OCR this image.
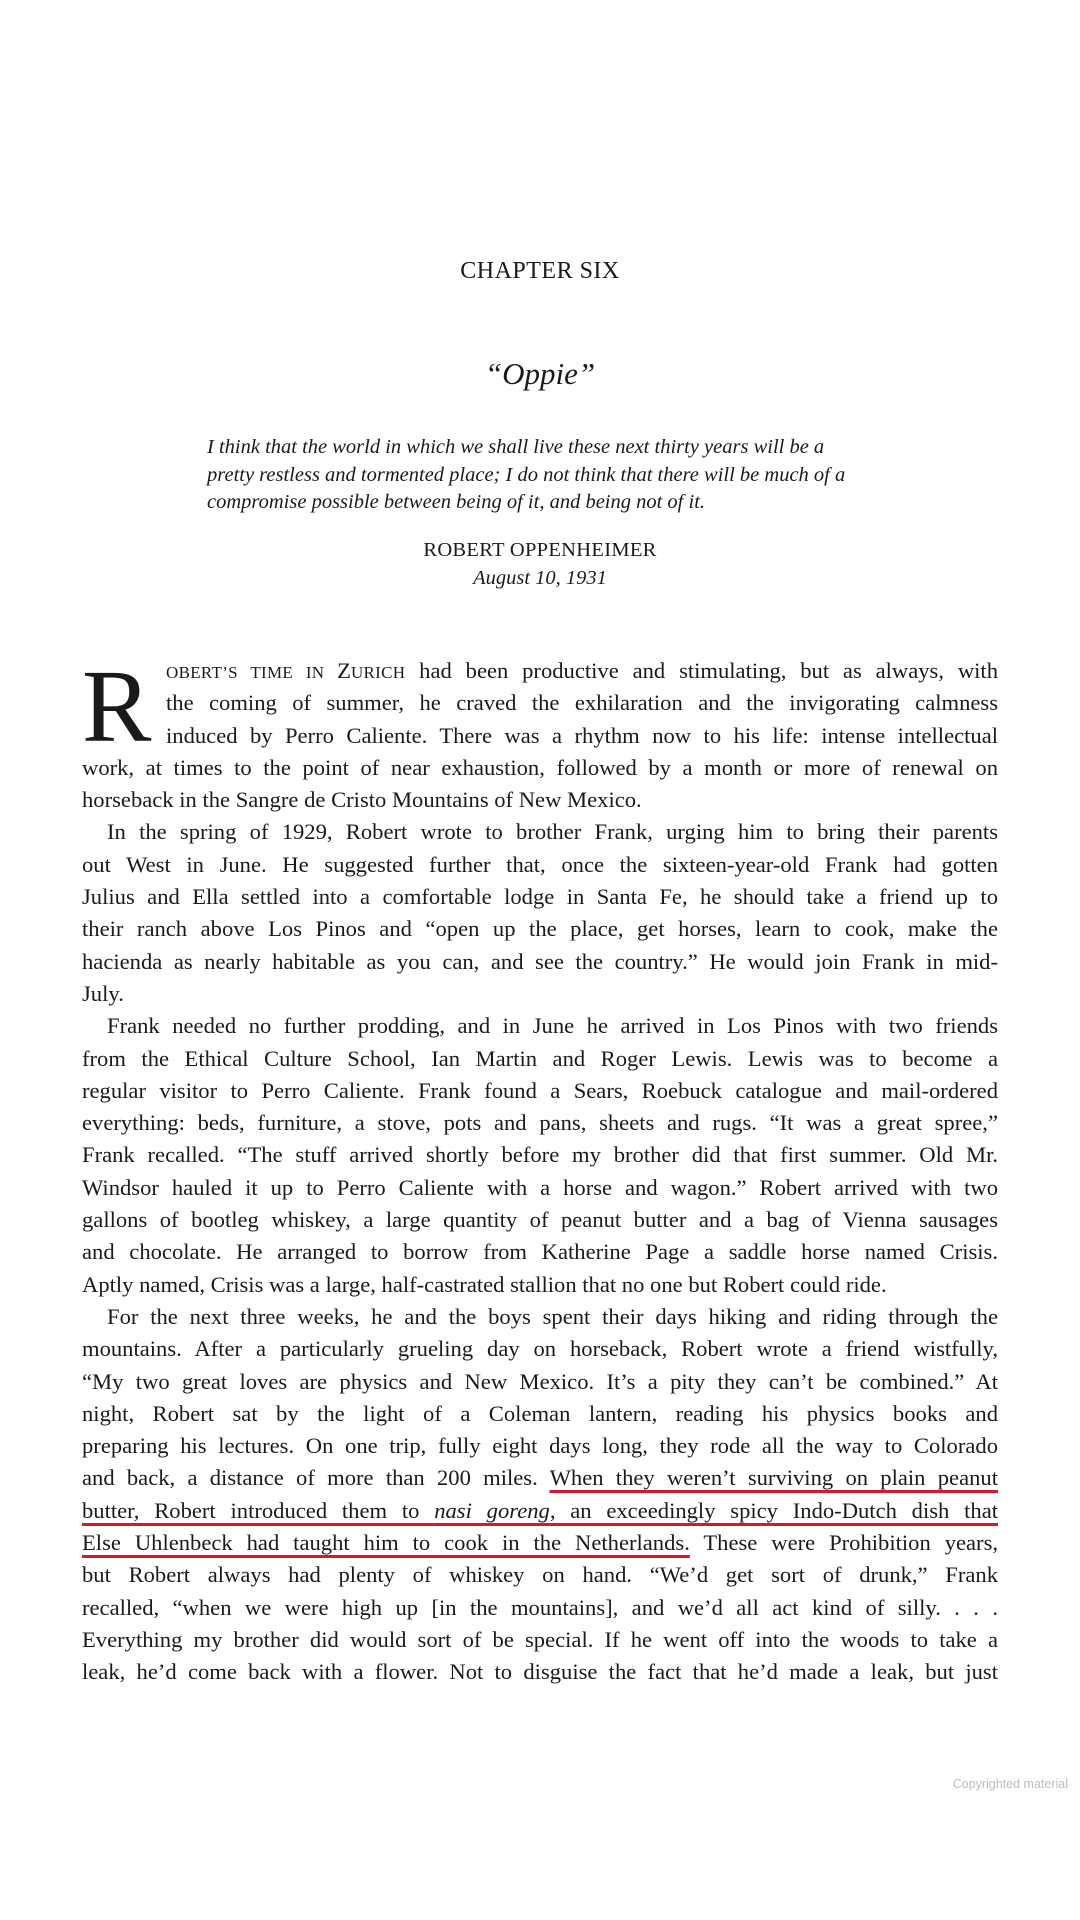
CHAPTER SIX
“Oppie”
I think that the world in which we shall live these next thirty years will be a
pretty restless and tormented place; I do not think that there will be much of a
compromise possible between being of it, and being not of it.
ROBERT OPPENHEIMER
August 10, 1931
R OBERT’S TIME IN ZURICH had been productive and stimulating, but as always, with
the coming of summer, he craved the exhilaration and the invigorating calmness
induced by Perro Caliente. There was a rhythm now to his life: intense intellectual
work, at times to the point of near exhaustion, followed by a month or more of renewal on
horseback in the Sangre de Cristo Mountains of New Mexico.
In the spring of 1929, Robert wrote to brother Frank, urging him to bring their parents
out West in June. He suggested further that, once the sixteen-year-old Frank had gotten
Julius and Ella settled into a comfortable lodge in Santa Fe, he should take a friend up to
their ranch above Los Pinos and “open up the place, get horses, learn to cook, make the
hacienda as nearly habitable as you can, and see the country.” He would join Frank in mid-
July.
Frank needed no further prodding, and in June he arrived in Los Pinos with two friends
from the Ethical Culture School, Ian Martin and Roger Lewis. Lewis was to become a
regular visitor to Perro Caliente. Frank found a Sears, Roebuck catalogue and mail-ordered
everything: beds, furniture, a stove, pots and pans, sheets and rugs. “It was a great spree,”
Frank recalled. “The stuff arrived shortly before my brother did that first summer. Old Mr.
Windsor hauled it up to Perro Caliente with a horse and wagon.” Robert arrived with two
gallons of bootleg whiskey, a large quantity of peanut butter and a bag of Vienna sausages
and chocolate. He arranged to borrow from Katherine Page a saddle horse named Crisis.
Aptly named, Crisis was a large, half-castrated stallion that no one but Robert could ride.
For the next three weeks, he and the boys spent their days hiking and riding through the
mountains. After a particularly grueling day on horseback, Robert wrote a friend wistfully,
“My two great loves are physics and New Mexico. It’s a pity they can’t be combined.” At
night, Robert sat by the light of a Coleman lantern, reading his physics books and
preparing his lectures. On one trip, fully eight days long, they rode all the way to Colorado
and back, a distance of more than 200 miles. When they weren’t surviving on plain peanut
butter, Robert introduced them to nasi goreng, an exceedingly spicy Indo-Dutch dish that
Else Uhlenbeck had taught him to cook in the Netherlands. These were Prohibition years,
but Robert always had plenty of whiskey on hand. “We’d get sort of drunk,” Frank
recalled, “when we were high up [in the mountains], and we’d all act kind of silly. . . .
Everything my brother did would sort of be special. If he went off into the woods to take a
leak, he’d come back with a flower. Not to disguise the fact that he’d made a leak, but just
Copyrighted material
